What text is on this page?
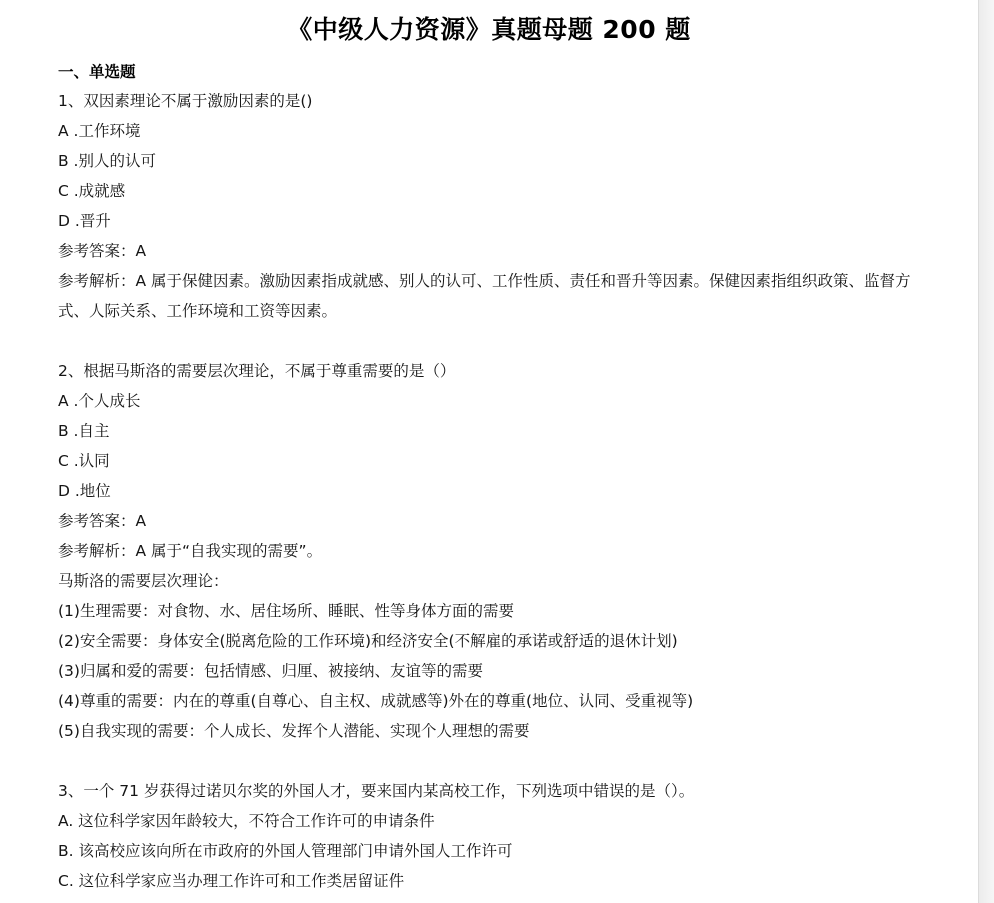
《中级人力资源》真题母题 200 题
一、单选题
1、双因素理论不属于激励因素的是()
A .工作环境
B .别人的认可
C .成就感
D .晋升
参考答案：A
参考解析：A 属于保健因素。激励因素指成就感、别人的认可、工作性质、责任和晋升等因素。保健因素指组织政策、监督方式、人际关系、工作环境和工资等因素。
2、根据马斯洛的需要层次理论，不属于尊重需要的是（）
A .个人成长
B .自主
C .认同
D .地位
参考答案：A
参考解析：A 属于“自我实现的需要”。
马斯洛的需要层次理论：
(1)生理需要：对食物、水、居住场所、睡眠、性等身体方面的需要
(2)安全需要：身体安全(脱离危险的工作环境)和经济安全(不解雇的承诺或舒适的退休计划)
(3)归属和爱的需要：包括情感、归厘、被接纳、友谊等的需要
(4)尊重的需要：内在的尊重(自尊心、自主权、成就感等)外在的尊重(地位、认同、受重视等)
(5)自我实现的需要：个人成长、发挥个人潜能、实现个人理想的需要
3、一个 71 岁获得过诺贝尔奖的外国人才，要来国内某高校工作，下列选项中错误的是（）。
A. 这位科学家因年龄较大，不符合工作许可的申请条件
B. 该高校应该向所在市政府的外国人管理部门申请外国人工作许可
C. 这位科学家应当办理工作许可和工作类居留证件
